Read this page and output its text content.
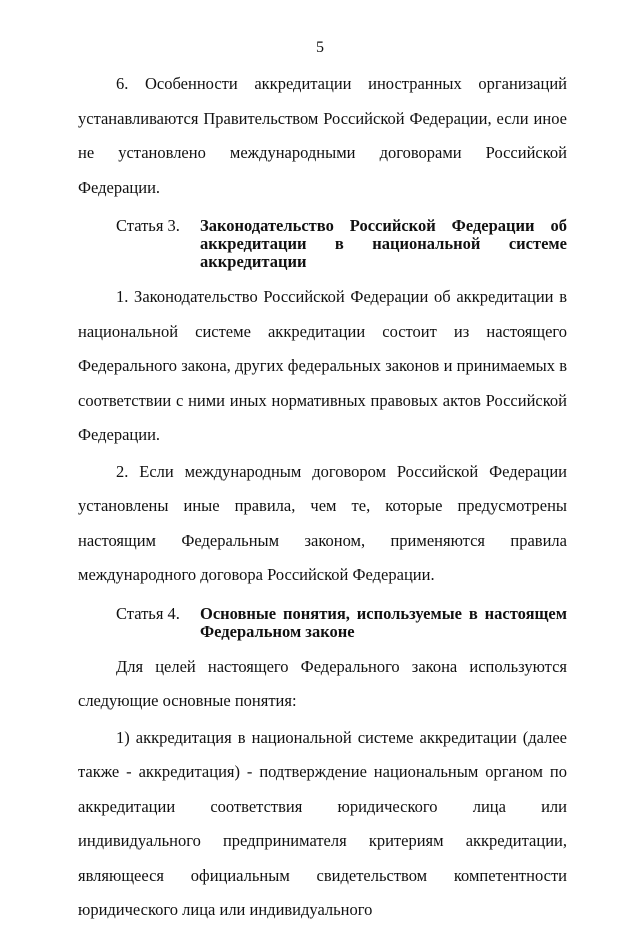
5

6. Особенности аккредитации иностранных организаций устанавливаются Правительством Российской Федерации, если иное не установлено международными договорами Российской Федерации.

Статья 3.	Законодательство Российской Федерации об аккредитации в национальной системе аккредитации

1. Законодательство Российской Федерации об аккредитации в национальной системе аккредитации состоит из настоящего Федерального закона, других федеральных законов и принимаемых в соответствии с ними иных нормативных правовых актов Российской Федерации.

2. Если международным договором Российской Федерации установлены иные правила, чем те, которые предусмотрены настоящим Федеральным законом, применяются правила международного договора Российской Федерации.

Статья 4.	Основные понятия, используемые в настоящем Федеральном законе

Для целей настоящего Федерального закона используются следующие основные понятия:

1) аккредитация в национальной системе аккредитации (далее также - аккредитация) - подтверждение национальным органом по аккредитации соответствия юридического лица или индивидуального предпринимателя критериям аккредитации, являющееся официальным свидетельством компетентности юридического лица или индивидуального
